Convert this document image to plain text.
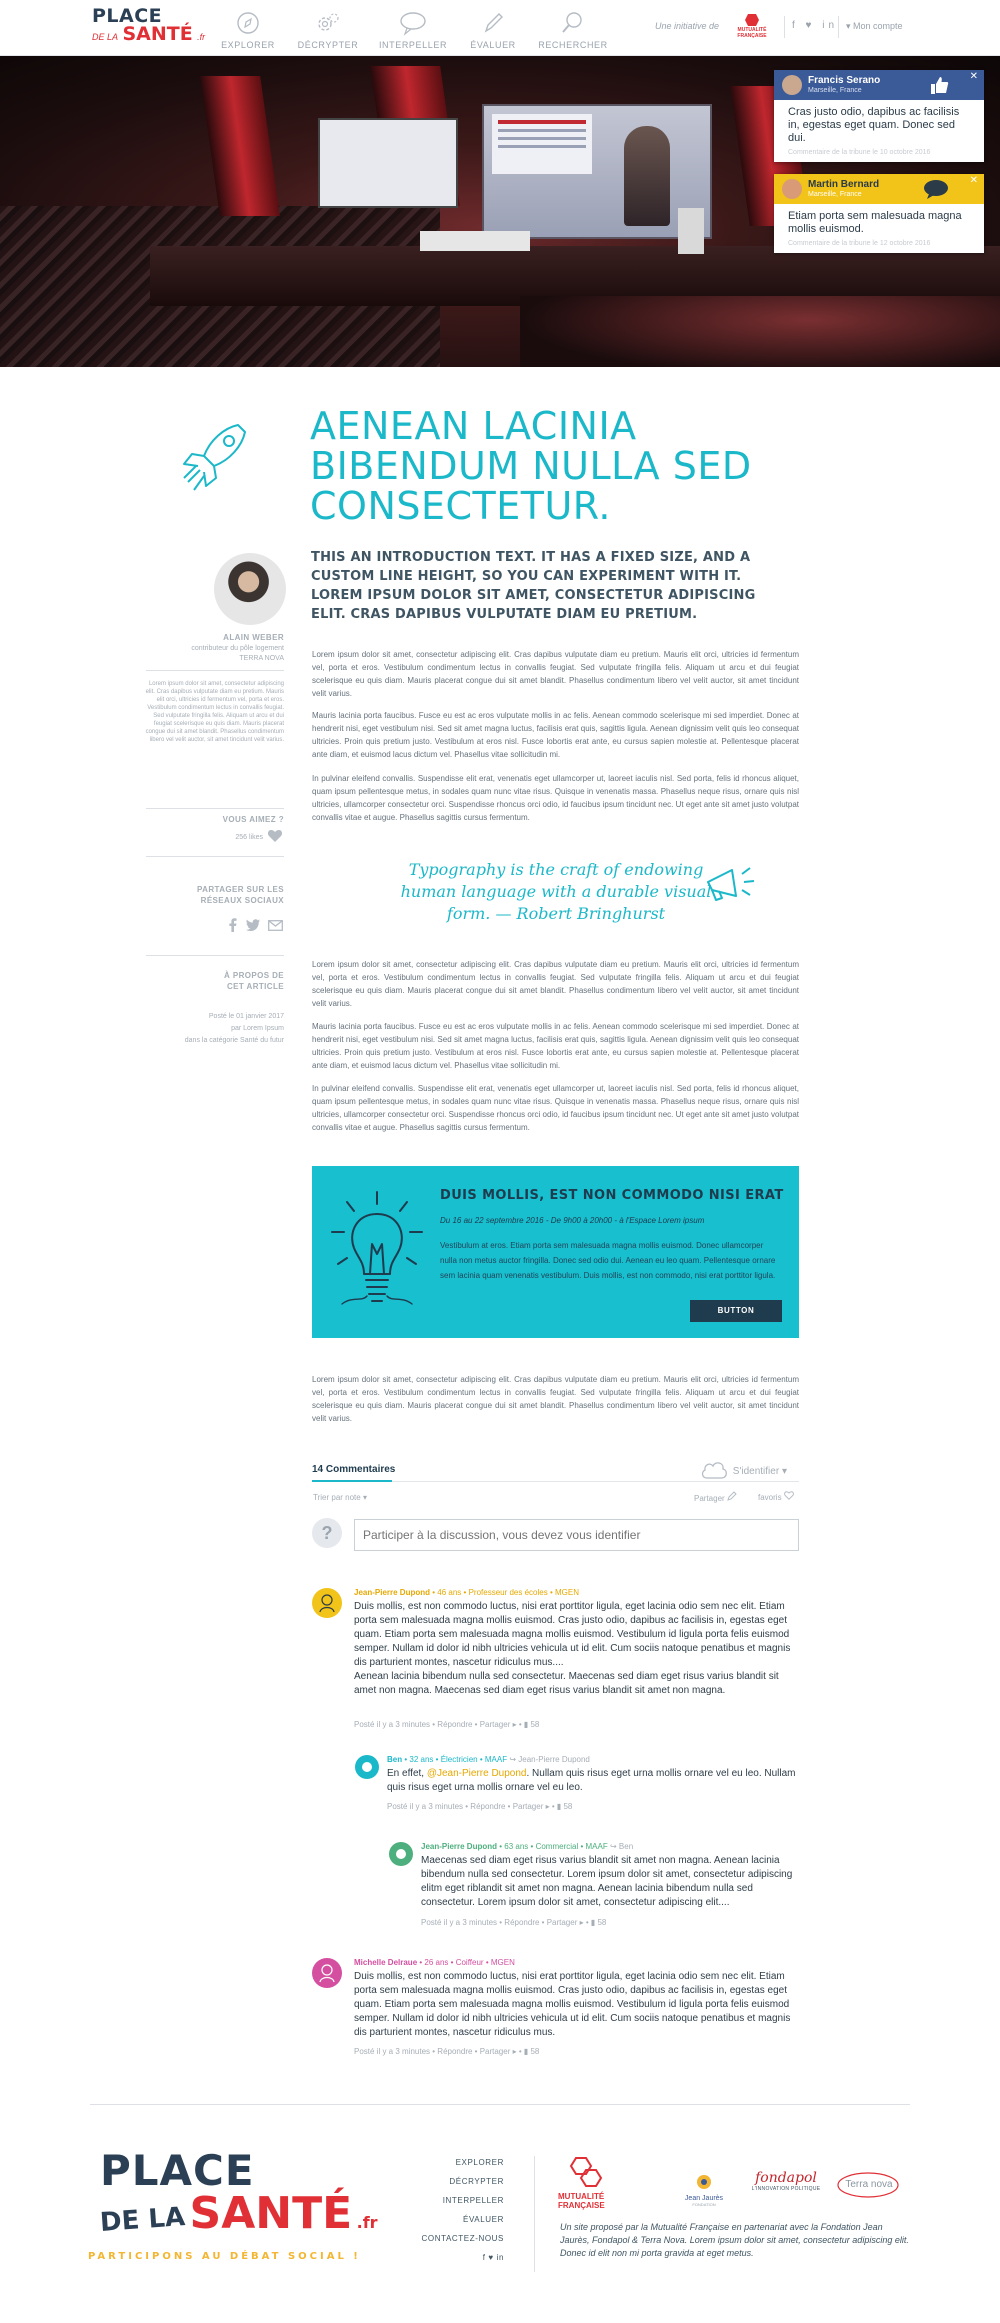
PLACE
DE LA SANTÉ .fr
EXPLORER	DÉCRYPTER	INTERPELLER	ÉVALUER	RECHERCHER
Une initiative de	MUTUALITÉ
FRANÇAISE
f ♥ in ▾ Mon compte
Francis Serano
Marseille, France
✕
Cras justo odio, dapibus ac facilisis in, egestas eget quam. Donec sed dui.
Commentaire de la tribune le 10 octobre 2016
Martin Bernard
Marseille, France
✕
Etiam porta sem malesuada magna mollis euismod.
Commentaire de la tribune le 12 octobre 2016
AENEAN LACINIA BIBENDUM NULLA SED CONSECTETUR.
THIS AN INTRODUCTION TEXT. IT HAS A FIXED SIZE, AND A CUSTOM LINE HEIGHT, SO YOU CAN EXPERIMENT WITH IT. LOREM IPSUM DOLOR SIT AMET, CONSECTETUR ADIPISCING ELIT. CRAS DAPIBUS VULPUTATE DIAM EU PRETIUM.
Lorem ipsum dolor sit amet, consectetur adipiscing elit. Cras dapibus vulputate diam eu pretium. Mauris elit orci, ultricies id fermentum vel, porta et eros. Vestibulum condimentum lectus in convallis feugiat. Sed vulputate fringilla felis. Aliquam ut arcu et dui feugiat scelerisque eu quis diam. Mauris placerat congue dui sit amet blandit. Phasellus condimentum libero vel velit auctor, sit amet tincidunt velit varius.
Mauris lacinia porta faucibus. Fusce eu est ac eros vulputate mollis in ac felis. Aenean commodo scelerisque mi sed imperdiet. Donec at hendrerit nisi, eget vestibulum nisi. Sed sit amet magna luctus, facilisis erat quis, sagittis ligula. Aenean dignissim velit quis leo consequat ultricies. Proin quis pretium justo. Vestibulum at eros nisl. Fusce lobortis erat ante, eu cursus sapien molestie at. Pellentesque placerat ante diam, et euismod lacus dictum vel. Phasellus vitae sollicitudin mi.
In pulvinar eleifend convallis. Suspendisse elit erat, venenatis eget ullamcorper ut, laoreet iaculis nisl. Sed porta, felis id rhoncus aliquet, quam ipsum pellentesque metus, in sodales quam nunc vitae risus. Quisque in venenatis massa. Phasellus neque risus, ornare quis nisl ultricies, ullamcorper consectetur orci. Suspendisse rhoncus orci odio, id faucibus ipsum tincidunt nec. Ut eget ante sit amet justo volutpat convallis vitae et augue. Phasellus sagittis cursus fermentum.
Typography is the craft of endowing human language with a durable visual form. — Robert Bringhurst
Lorem ipsum dolor sit amet, consectetur adipiscing elit. Cras dapibus vulputate diam eu pretium. Mauris elit orci, ultricies id fermentum vel, porta et eros. Vestibulum condimentum lectus in convallis feugiat. Sed vulputate fringilla felis. Aliquam ut arcu et dui feugiat scelerisque eu quis diam. Mauris placerat congue dui sit amet blandit. Phasellus condimentum libero vel velit auctor, sit amet tincidunt velit varius.
Mauris lacinia porta faucibus. Fusce eu est ac eros vulputate mollis in ac felis. Aenean commodo scelerisque mi sed imperdiet. Donec at hendrerit nisi, eget vestibulum nisi. Sed sit amet magna luctus, facilisis erat quis, sagittis ligula. Aenean dignissim velit quis leo consequat ultricies. Proin quis pretium justo. Vestibulum at eros nisl. Fusce lobortis erat ante, eu cursus sapien molestie at. Pellentesque placerat ante diam, et euismod lacus dictum vel. Phasellus vitae sollicitudin mi.
In pulvinar eleifend convallis. Suspendisse elit erat, venenatis eget ullamcorper ut, laoreet iaculis nisl. Sed porta, felis id rhoncus aliquet, quam ipsum pellentesque metus, in sodales quam nunc vitae risus. Quisque in venenatis massa. Phasellus neque risus, ornare quis nisl ultricies, ullamcorper consectetur orci. Suspendisse rhoncus orci odio, id faucibus ipsum tincidunt nec. Ut eget ante sit amet justo volutpat convallis vitae et augue. Phasellus sagittis cursus fermentum.
ALAIN WEBER
contributeur du pôle logement
TERRA NOVA
Lorem ipsum dolor sit amet, consectetur adipiscing elit. Cras dapibus vulputate diam eu pretium. Mauris elit orci, ultricies id fermentum vel, porta et eros. Vestibulum condimentum lectus in convallis feugiat. Sed vulputate fringilla felis. Aliquam ut arcu et dui feugiat scelerisque eu quis diam. Mauris placerat congue dui sit amet blandit. Phasellus condimentum libero vel velit auctor, sit amet tincidunt velit varius.
VOUS AIMEZ ?
256 likes
PARTAGER SUR LES
RÉSEAUX SOCIAUX
À PROPOS DE
CET ARTICLE
Posté le 01 janvier 2017
par Lorem Ipsum
dans la catégorie Santé du futur
DUIS MOLLIS, EST NON COMMODO NISI ERAT
Du 16 au 22 septembre 2016 - De 9h00 à 20h00 - à l'Espace Lorem ipsum
Vestibulum at eros. Etiam porta sem malesuada magna mollis euismod. Donec ullamcorper nulla non metus auctor fringilla. Donec sed odio dui. Aenean eu leo quam. Pellentesque ornare sem lacinia quam venenatis vestibulum. Duis mollis, est non commodo, nisi erat porttitor ligula.
BUTTON
Lorem ipsum dolor sit amet, consectetur adipiscing elit. Cras dapibus vulputate diam eu pretium. Mauris elit orci, ultricies id fermentum vel, porta et eros. Vestibulum condimentum lectus in convallis feugiat. Sed vulputate fringilla felis. Aliquam ut arcu et dui feugiat scelerisque eu quis diam. Mauris placerat congue dui sit amet blandit. Phasellus condimentum libero vel velit auctor, sit amet tincidunt velit varius.
14 Commentaires	S'identifier ▾
Trier par note ▾	Partager	favoris
?
Participer à la discussion, vous devez vous identifier
Jean-Pierre Dupond • 46 ans • Professeur des écoles • MGEN
Duis mollis, est non commodo luctus, nisi erat porttitor ligula, eget lacinia odio sem nec elit. Etiam porta sem malesuada magna mollis euismod. Cras justo odio, dapibus ac facilisis in, egestas eget quam. Etiam porta sem malesuada magna mollis euismod. Vestibulum id ligula porta felis euismod semper. Nullam id dolor id nibh ultricies vehicula ut id elit. Cum sociis natoque penatibus et magnis dis parturient montes, nascetur ridiculus mus....
Aenean lacinia bibendum nulla sed consectetur. Maecenas sed diam eget risus varius blandit sit amet non magna. Maecenas sed diam eget risus varius blandit sit amet non magna.
Posté il y a 3 minutes • Répondre • Partager ▸ • ▮ 58
Ben • 32 ans • Électricien • MAAF ↪ Jean-Pierre Dupond
En effet, @Jean-Pierre Dupond. Nullam quis risus eget urna mollis ornare vel eu leo. Nullam quis risus eget urna mollis ornare vel eu leo.
Posté il y a 3 minutes • Répondre • Partager ▸ • ▮ 58
Jean-Pierre Dupond • 63 ans • Commercial • MAAF ↪ Ben
Maecenas sed diam eget risus varius blandit sit amet non magna. Aenean lacinia bibendum nulla sed consectetur. Lorem ipsum dolor sit amet, consectetur adipiscing elitm eget riblandit sit amet non magna. Aenean lacinia bibendum nulla sed consectetur. Lorem ipsum dolor sit amet, consectetur adipiscing elit....
Posté il y a 3 minutes • Répondre • Partager ▸ • ▮ 58
Michelle Delraue • 26 ans • Coiffeur • MGEN
Duis mollis, est non commodo luctus, nisi erat porttitor ligula, eget lacinia odio sem nec elit. Etiam porta sem malesuada magna mollis euismod. Cras justo odio, dapibus ac facilisis in, egestas eget quam. Etiam porta sem malesuada magna mollis euismod. Vestibulum id ligula porta felis euismod semper. Nullam id dolor id nibh ultricies vehicula ut id elit. Cum sociis natoque penatibus et magnis dis parturient montes, nascetur ridiculus mus.
Posté il y a 3 minutes • Répondre • Partager ▸ • ▮ 58
PLACE
DE LA SANTÉ .fr
PARTICIPONS AU DÉBAT SOCIAL !
EXPLORER
DÉCRYPTER
INTERPELLER
ÉVALUER
CONTACTEZ-NOUS
f ♥ in
MUTUALITÉ FRANÇAISE
Jean Jaurès
FONDATION
fondapol
L'INNOVATION POLITIQUE	Terra nova
Un site proposé par la Mutualité Française en partenariat avec la Fondation Jean Jaurès, Fondapol & Terra Nova. Lorem ipsum dolor sit amet, consectetur adipiscing elit. Donec id elit non mi porta gravida at eget metus.
